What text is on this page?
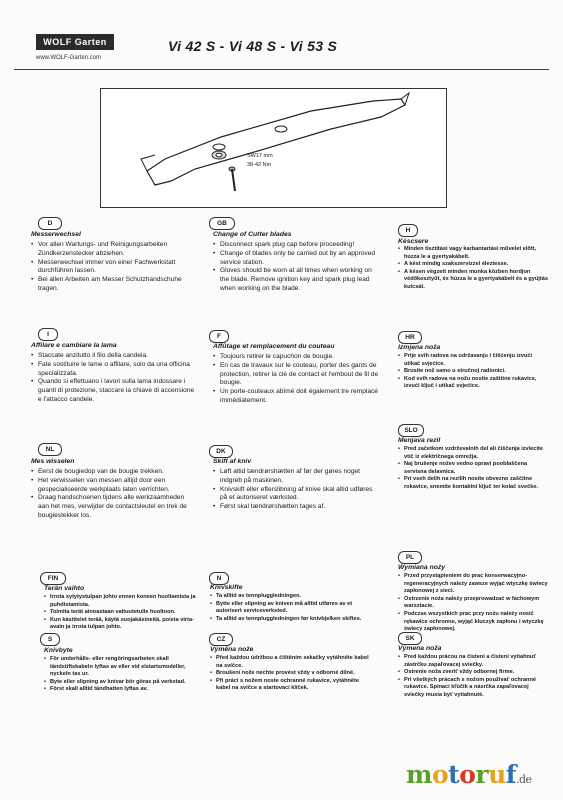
WOLF Garten
www.WOLF-Garten.com
Vi 42 S - Vi 48 S - Vi 53 S
SW17 mm
38-42 Nm
D
Messerwechsel
• Vor allen Wartungs- und Reinigungsarbeiten Zündkerzenstecker abziehen.
• Messerwechsel immer von einer Fachwerkstatt durchführen lassen.
• Bei allen Arbeiten am Messer Schutzhandschuhe tragen.
I
Affilare e cambiare la lama
• Staccate anzitutto il filo della candela.
• Fate sostituire le lame o affilare, solo da una officina specializzata.
• Quando si effettuano i lavori sulla lama indossare i guanti di protezione, staccare la chiave di accensione e l'attacco candele.
NL
Mes wisselen
• Eerst de bougiedop van de bougie trekken.
• Het verwisselen van messen altijd door een gespecialiseerde werkplaats laten verrichten.
• Draag handschoenen tijdens alle werkzaamheden aan het mes, verwijder de contactsleutel en trek de bougiestekker los.
FIN
Terän vaihto
• Irrota sytytystulpan johto ennen koneen huoltamista ja puhdistamista.
• Toimita terät ainoastaan valtuutetulle huoltoon.
• Kun käsittelet terää, käytä suojakäsineitä, poista virta-avain ja irrota tulpan johto.
S
Knivbyte
• För underhålls- eller rengöringsarbeten skall tändstiftskabeln lyftas av eller vid elstartsmodeller, nyckeln tas ur.
• Byte eller slipning av knivar bör göras på verkstad.
• Först skall alltid tändhatten lyftas av.
GB
Change of Cutter blades
• Disconnect spark plug cap before proceeding!
• Change of blades only be carried out by an approved service station.
• Gloves should be worn at all times when working on the blade. Remove ignition key and spark plug lead when working on the blade.
F
Affûtage et remplacement du couteau
• Toujours retirer le capuchon de bougie.
• En cas de travaux sur le couteau, porter des gants de protection, retirer la clé de contact et l'embout de fil de bougie.
• Un porte-couteaux abîmé doit également tre remplacé immédiatement.
DK
Skift af kniv
• Løft altid tændrørshætten af før der gøres noget indgreb på maskinen.
• Knivskift eller efterslibning af knive skal altid udføres på et autoriseret værksted.
• Først skal tændrørshætten tages af.
N
Knivskifte
• Ta alltid av tennpluggledningen.
• Bytte eller slipning av kniven må alltid utføres av et autorisert serviceverksted.
• Ta alltid av tennpluggledningen før knivbjelken skiftes.
CZ
Výměna nože
• Před každou údržbou a čištěním sekačky vytáhněte kabel na svíčce.
• Broušení nože nechte provést vždy v odborné dílně.
• Při práci s nožem noste ochranné rukavice, vytáhněte kabel na svíčce a startovací klíček.
H
Késcsere
• Minden tisztítási vagy karbantartási művelet előtt, húzza le a gyertyakábelt.
• A kést mindig szakszervizzel éleztesse.
• A késen végzett minden munka közben hordjon védőkesztyűt, és húzza le a gyertyakábelt és a gyújtás kulcsát.
HR
Izmjena noža
• Prije svih radova na održavanju i čišćenju izvući utikač svjećice.
• Brusite nož samo u stručnoj radionici.
• Kod svih radova na nožu nosite zaštitne rukavice, izvući ključ i utikač svjećice.
SLO
Menjava rezil
• Pred začetkom vzdrževalnih del ali čiščenja izvlecite vtič iz električnega omrežja.
• Naj brušenje nožev vedno opravi pooblaščena servisna delavnica.
• Pri vseh delih na rezilih nosite obvezno zaščitne rokavice, snemite kontaktni ključ ter kolač svečke.
PL
Wymiana noży
• Przed przystąpieniem do prac konserwacyjno-regeneracyjnych należy zawsze wyjąć wtyczkę świecy zapłonowej z sieci.
• Ostrzenie noża należy przeprowadzać w fachowym warsztacie.
• Podczas wszystkich prac przy nożu należy nosić rękawice ochronne, wyjąć kluczyk zapłonu i wtyczkę świecy zapłonowej.
SK
Výmena noža
• Pred každou prácou na čistení a čistení vytiahnuť zástrčku zapaľovacej sviečky.
• Ostrenie noža zveriť vždy odbornej firme.
• Pri všetkých prácach s nožom používať ochranné rukavice. Spínací kľúčik a násrčka zapaľovacej sviečky musia byť vytiahnuté.
motoruf.de
